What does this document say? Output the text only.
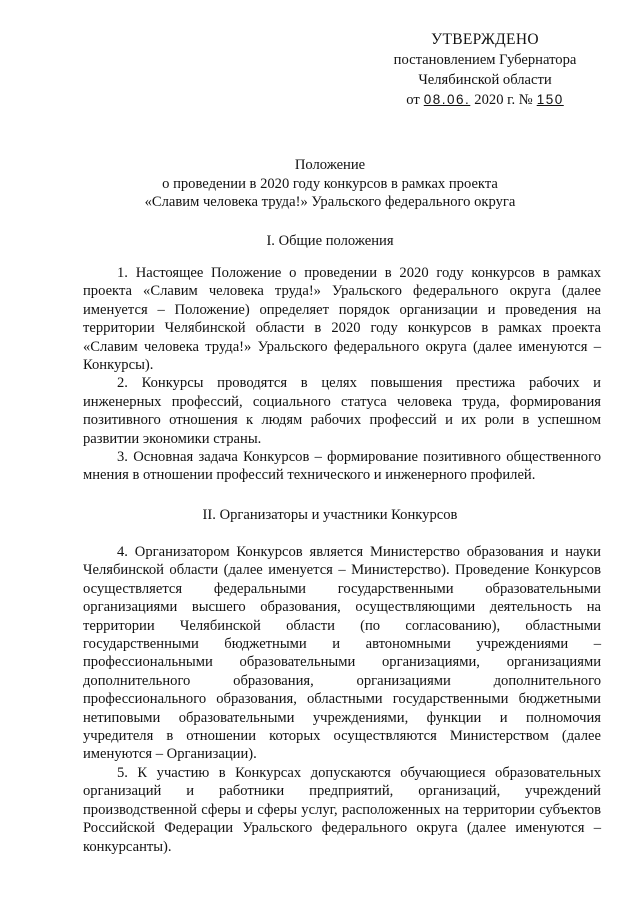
УТВЕРЖДЕНО
постановлением Губернатора
Челябинской области
от 08.06. 2020 г. № 150
Положение
о проведении в 2020 году конкурсов в рамках проекта
«Славим человека труда!» Уральского федерального округа
I. Общие положения

1. Настоящее Положение о проведении в 2020 году конкурсов в рамках проекта «Славим человека труда!» Уральского федерального округа (далее именуется – Положение) определяет порядок организации и проведения на территории Челябинской области в 2020 году конкурсов в рамках проекта «Славим человека труда!» Уральского федерального округа (далее именуются – Конкурсы).

2. Конкурсы проводятся в целях повышения престижа рабочих и инженерных профессий, социального статуса человека труда, формирования позитивного отношения к людям рабочих профессий и их роли в успешном развитии экономики страны.

3. Основная задача Конкурсов – формирование позитивного общественного мнения в отношении профессий технического и инженерного профилей.

II. Организаторы и участники Конкурсов

4. Организатором Конкурсов является Министерство образования и науки Челябинской области (далее именуется – Министерство). Проведение Конкурсов осуществляется федеральными государственными образовательными организациями высшего образования, осуществляющими деятельность на территории Челябинской области (по согласованию), областными государственными бюджетными и автономными учреждениями – профессиональными образовательными организациями, организациями дополнительного образования, организациями дополнительного профессионального образования, областными государственными бюджетными нетиповыми образовательными учреждениями, функции и полномочия учредителя в отношении которых осуществляются Министерством (далее именуются – Организации).

5. К участию в Конкурсах допускаются обучающиеся образовательных организаций и работники предприятий, организаций, учреждений производственной сферы и сферы услуг, расположенных на территории субъектов Российской Федерации Уральского федерального округа (далее именуются – конкурсанты).
